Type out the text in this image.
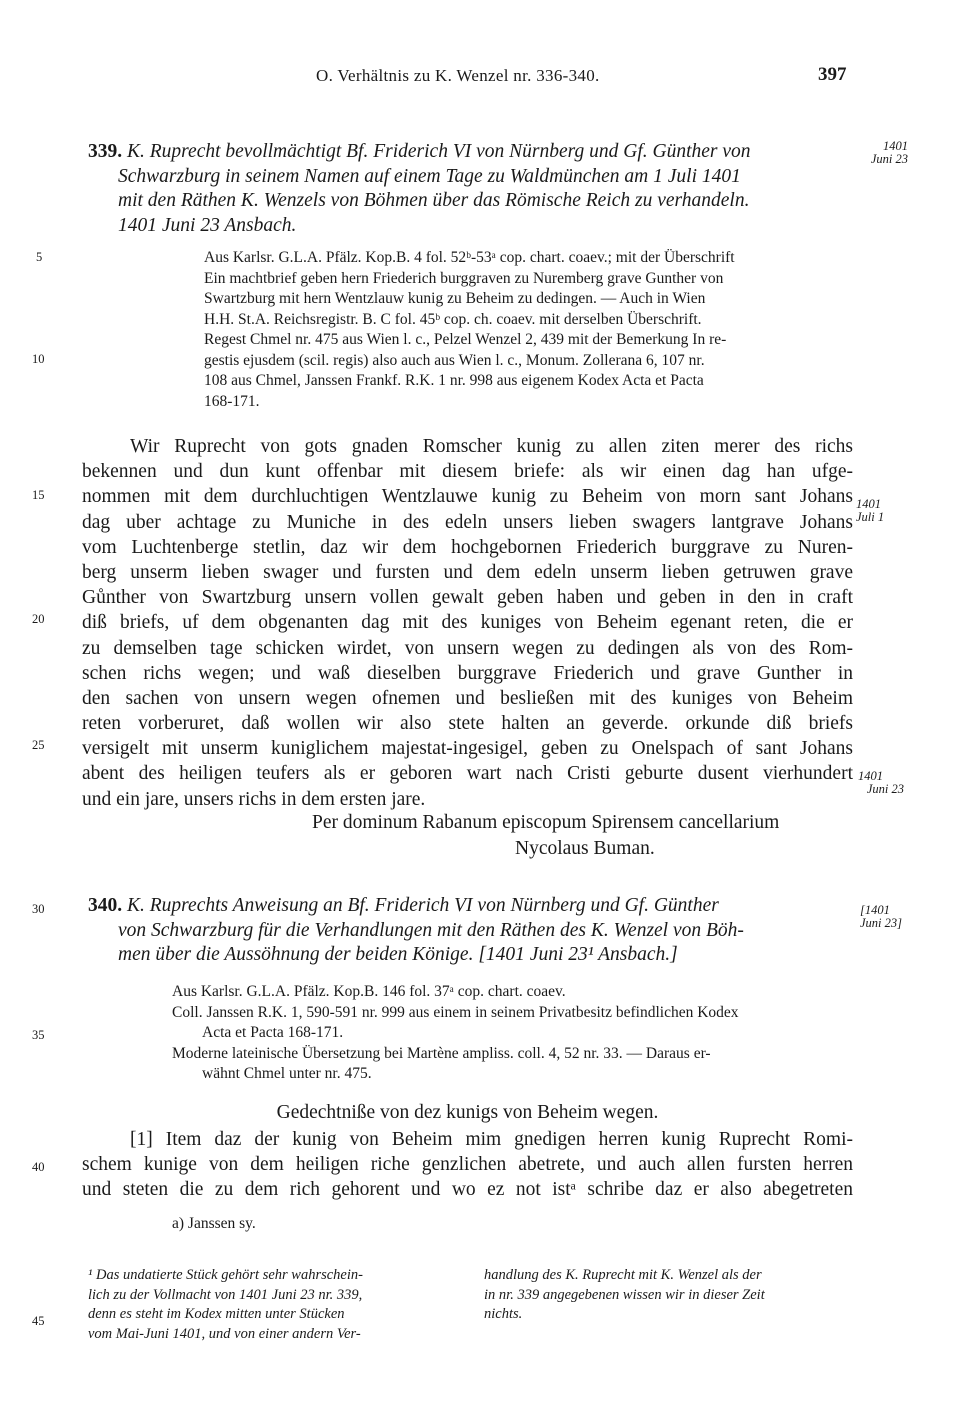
O. Verhältnis zu K. Wenzel nr. 336-340.	397
339. K. Ruprecht bevollmächtigt Bf. Friderich VI von Nürnberg und Gf. Günther von
Schwarzburg in seinem Namen auf einem Tage zu Waldmünchen am 1 Juli 1401
mit den Räthen K. Wenzels von Böhmen über das Römische Reich zu verhandeln.
1401 Juni 23 Ansbach.
1401
Juni 23
Aus Karlsr. G.L.A. Pfälz. Kop.B. 4 fol. 52ᵇ-53ᵃ cop. chart. coaev.; mit der Überschrift
Ein machtbrief geben hern Friederich burggraven zu Nuremberg grave Gunther von
Swartzburg mit hern Wentzlauw kunig zu Beheim zu dedingen. — Auch in Wien
H.H. St.A. Reichsregistr. B. C fol. 45ᵇ cop. ch. coaev. mit derselben Überschrift.
Regest Chmel nr. 475 aus Wien l. c., Pelzel Wenzel 2, 439 mit der Bemerkung In re-
gestis ejusdem (scil. regis) also auch aus Wien l. c., Monum. Zollerana 6, 107 nr.
108 aus Chmel, Janssen Frankf. R.K. 1 nr. 998 aus eigenem Kodex Acta et Pacta
168-171.
Wir Ruprecht von gots gnaden Romscher kunig zu allen ziten merer des richs
bekennen und dun kunt offenbar mit diesem briefe: als wir einen dag han ufge-
nommen mit dem durchluchtigen Wentzlauwe kunig zu Beheim von morn sant Johans
dag uber achtage zu Muniche in des edeln unsers lieben swagers lantgrave Johans
vom Luchtenberge stetlin, daz wir dem hochgebornen Friederich burggrave zu Nuren-
berg unserm lieben swager und fursten und dem edeln unserm lieben getruwen grave
Gůnther von Swartzburg unsern vollen gewalt geben haben und geben in den in craft
diß briefs, uf dem obgenanten dag mit des kuniges von Beheim egenant reten, die er
zu demselben tage schicken wirdet, von unsern wegen zu dedingen als von des Rom-
schen richs wegen; und waß dieselben burggrave Friederich und grave Gunther in
den sachen von unsern wegen ofnemen und besließen mit des kuniges von Beheim
reten vorberuret, daß wollen wir also stete halten an geverde. orkunde diß briefs
versigelt mit unserm kuniglichem majestat-ingesigel, geben zu Onelspach of sant Johans
abent des heiligen teufers als er geboren wart nach Cristi geburte dusent vierhundert
und ein jare, unsers richs in dem ersten jare.
Per dominum Rabanum episcopum Spirensem cancellarium
Nycolaus Buman.
1401
Juli 1
1401
Juni 23
340. K. Ruprechts Anweisung an Bf. Friderich VI von Nürnberg und Gf. Günther
von Schwarzburg für die Verhandlungen mit den Räthen des K. Wenzel von Böh-
men über die Aussöhnung der beiden Könige. [1401 Juni 23¹ Ansbach.]
[1401
Juni 23]
Aus Karlsr. G.L.A. Pfälz. Kop.B. 146 fol. 37ᵃ cop. chart. coaev.
Coll. Janssen R.K. 1, 590-591 nr. 999 aus einem in seinem Privatbesitz befindlichen Kodex
Acta et Pacta 168-171.
Moderne lateinische Übersetzung bei Martène ampliss. coll. 4, 52 nr. 33. — Daraus er-
wähnt Chmel unter nr. 475.
Gedechtniße von dez kunigs von Beheim wegen.
[1] Item daz der kunig von Beheim mim gnedigen herren kunig Ruprecht Romi-
schem kunige von dem heiligen riche genzlichen abetrete, und auch allen fursten herren
und steten die zu dem rich gehorent und wo ez not istᵃ schribe daz er also abegetreten
a) Janssen sy.
¹ Das undatierte Stück gehört sehr wahrschein-
lich zu der Vollmacht von 1401 Juni 23 nr. 339,
denn es steht im Kodex mitten unter Stücken
vom Mai-Juni 1401, und von einer andern Ver-
handlung des K. Ruprecht mit K. Wenzel als der
in nr. 339 angegebenen wissen wir in dieser Zeit
nichts.
5
10
15
20
25
30
35
40
45
